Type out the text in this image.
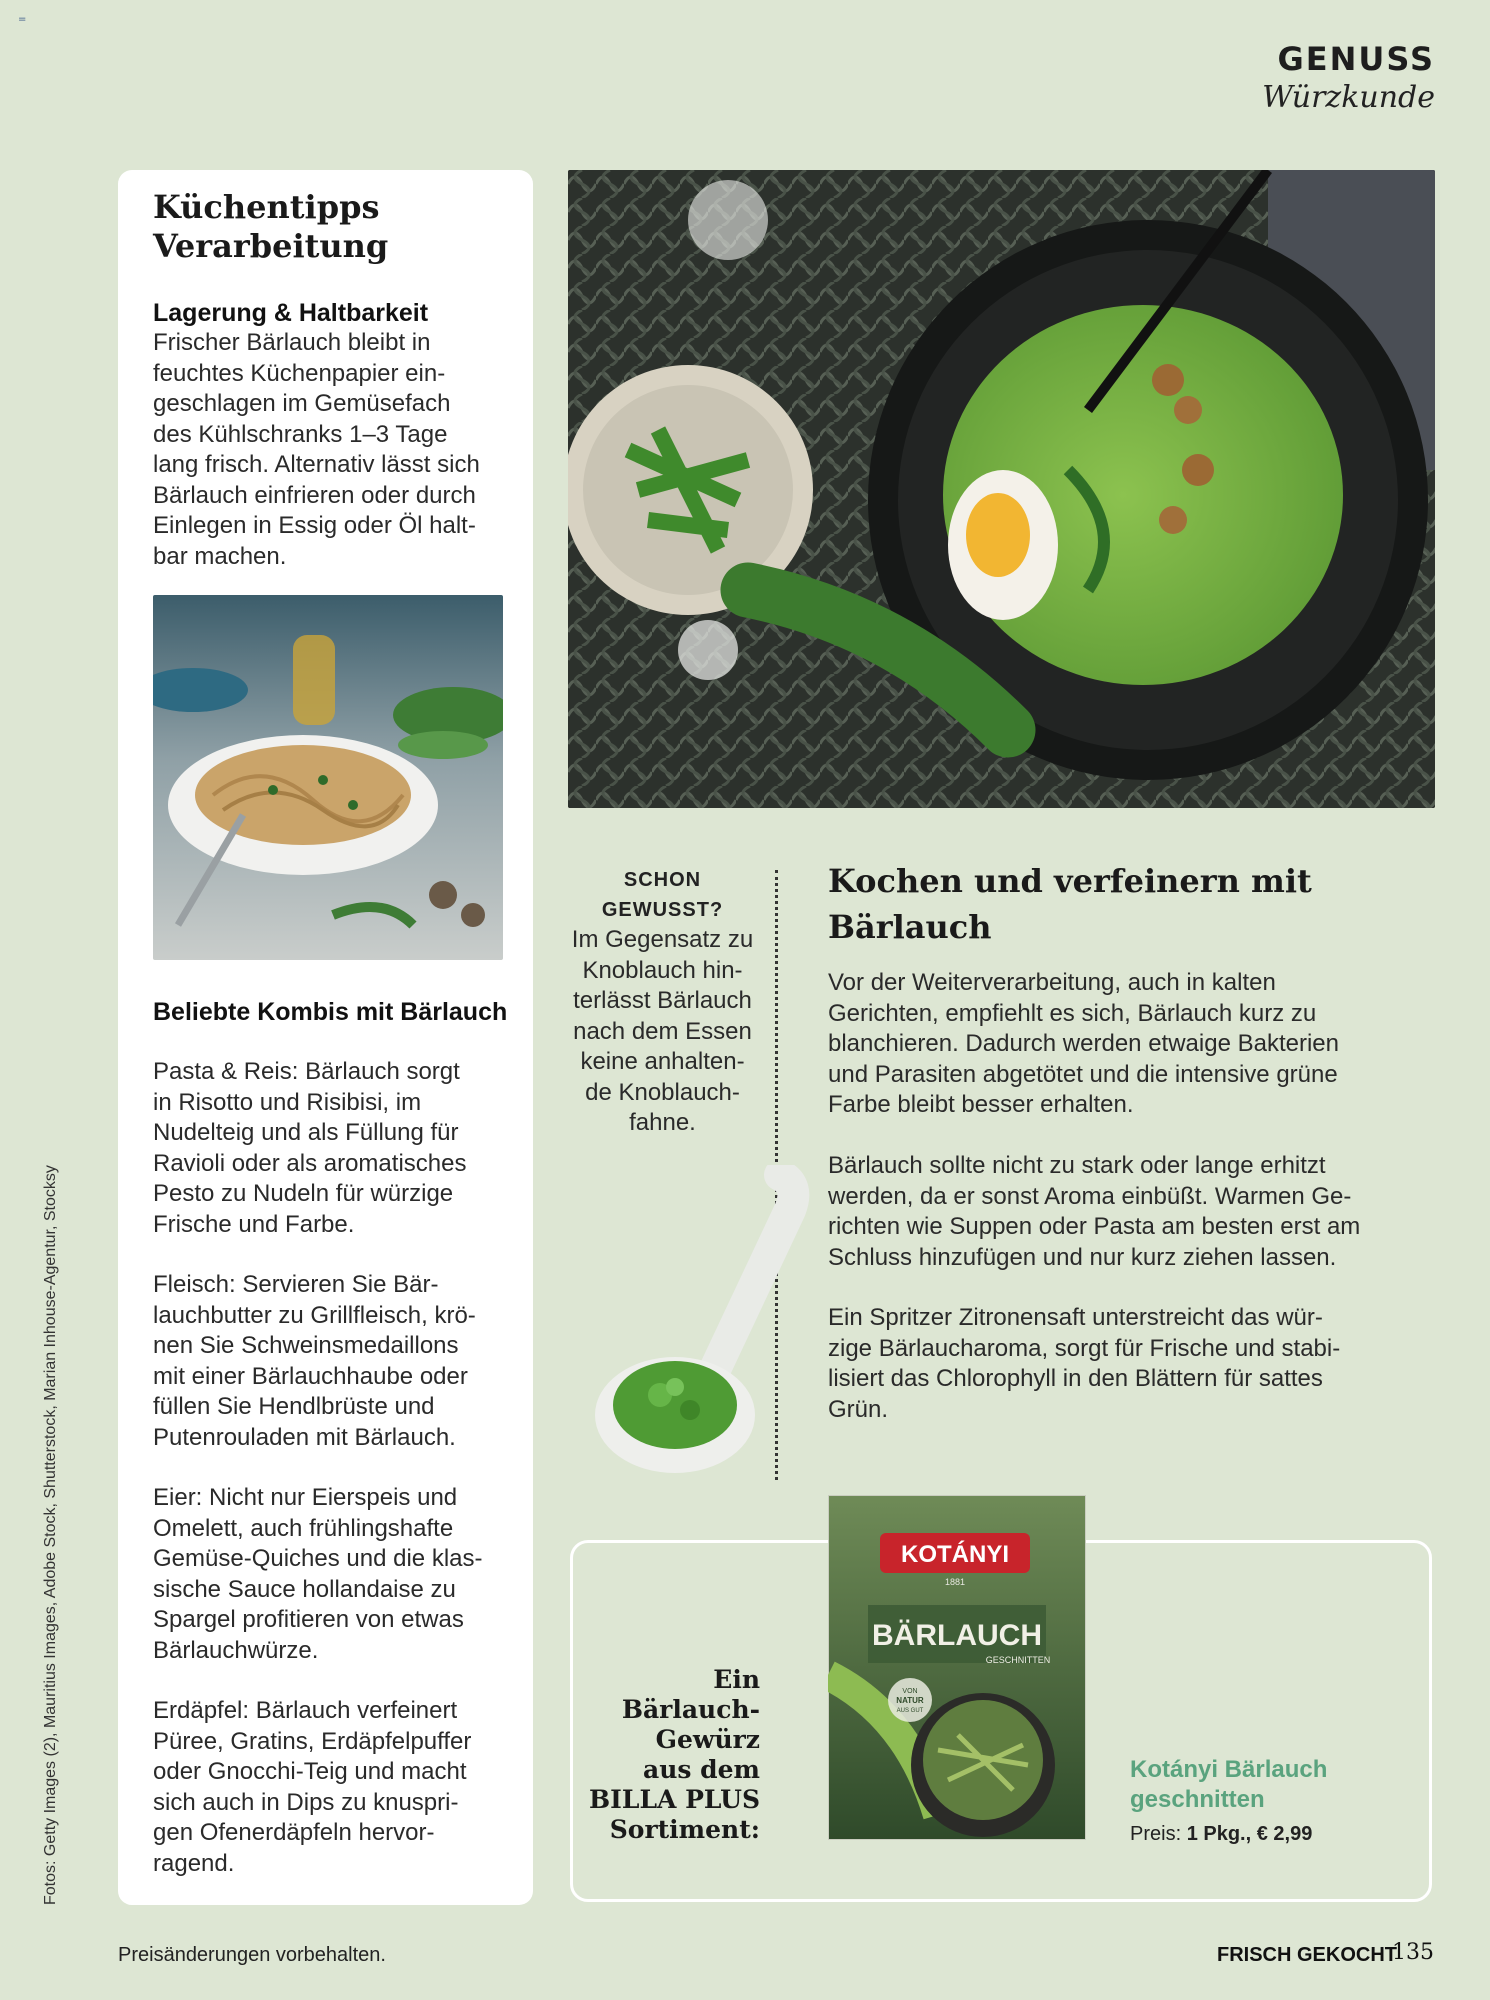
=
GENUSS
Würzkunde
Küchentipps Verarbeitung
Lagerung & Haltbarkeit
Frischer Bärlauch bleibt in
feuchtes Küchenpapier ein-
geschlagen im Gemüsefach
des Kühlschranks 1–3 Tage
lang frisch. Alternativ lässt sich
Bärlauch einfrieren oder durch
Einlegen in Essig oder Öl halt-
bar machen.
Beliebte Kombis mit Bärlauch
Pasta & Reis: Bärlauch sorgt
in Risotto und Risibisi, im
Nudelteig und als Füllung für
Ravioli oder als aromatisches
Pesto zu Nudeln für würzige
Frische und Farbe.
Fleisch: Servieren Sie Bär-
lauchbutter zu Grillfleisch, krö-
nen Sie Schweinsmedaillons
mit einer Bärlauchhaube oder
füllen Sie Hendlbrüste und
Putenrouladen mit Bärlauch.
Eier: Nicht nur Eierspeis und
Omelett, auch frühlingshafte
Gemüse-Quiches und die klas-
sische Sauce hollandaise zu
Spargel profitieren von etwas
Bärlauchwürze.
Erdäpfel: Bärlauch verfeinert
Püree, Gratins, Erdäpfelpuffer
oder Gnocchi-Teig und macht
sich auch in Dips zu knuspri-
gen Ofenerdäpfeln hervor-
ragend.
Fotos: Getty Images (2), Mauritius Images, Adobe Stock, Shutterstock, Marian Inhouse-Agentur, Stocksy
SCHON
GEWUSST?
Im Gegensatz zu
Knoblauch hin-
terlässt Bärlauch
nach dem Essen
keine anhalten-
de Knoblauch-
fahne.
Kochen und verfeinern mit
Bärlauch
Vor der Weiterverarbeitung, auch in kalten
Gerichten, empfiehlt es sich, Bärlauch kurz zu
blanchieren. Dadurch werden etwaige Bakterien
und Parasiten abgetötet und die intensive grüne
Farbe bleibt besser erhalten.
Bärlauch sollte nicht zu stark oder lange erhitzt
werden, da er sonst Aroma einbüßt. Warmen Ge-
richten wie Suppen oder Pasta am besten erst am
Schluss hinzufügen und nur kurz ziehen lassen.
Ein Spritzer Zitronensaft unterstreicht das wür-
zige Bärlaucharoma, sorgt für Frische und stabi-
lisiert das Chlorophyll in den Blättern für sattes
Grün.
Ein
Bärlauch-
Gewürz
aus dem
BILLA PLUS
Sortiment:
KOTÁNYI
1881
BÄRLAUCH
GESCHNITTEN
VON
NATUR
AUS GUT
Kotányi Bärlauch
geschnitten
Preis: 1 Pkg., € 2,99
Preisänderungen vorbehalten.	FRISCH GEKOCHT
135
